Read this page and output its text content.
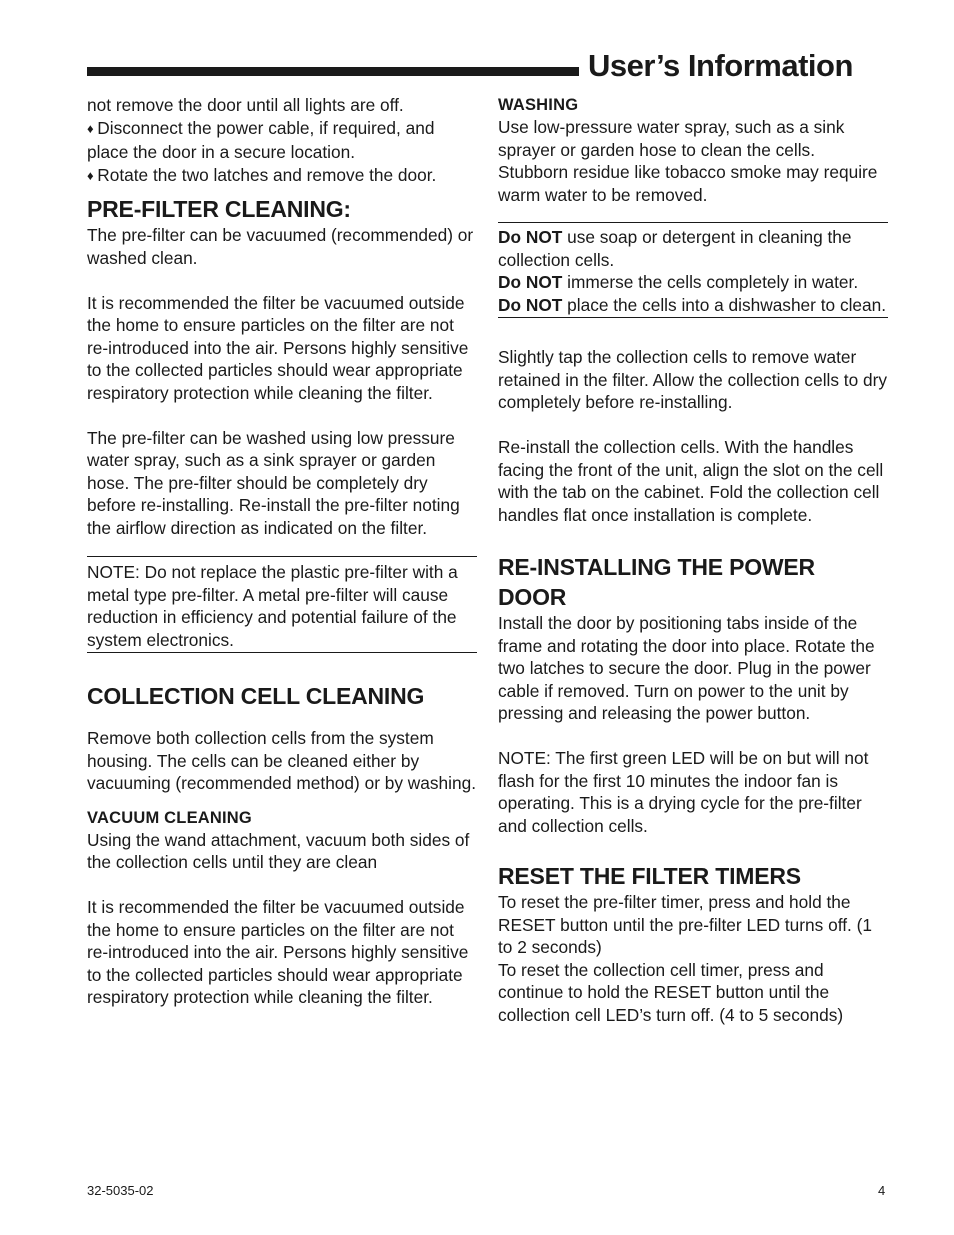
User’s Information

not remove the door until all lights are off.

♦ Disconnect the power cable, if required, and place the door in a secure location.

♦ Rotate the two latches and remove the door.

PRE-FILTER CLEANING:

The pre-filter can be vacuumed (recommended) or washed clean.

It is recommended the filter be vacuumed outside the home to ensure particles on the filter are not re-introduced into the air. Persons highly sensitive to the collected particles should wear appropriate respiratory protection while cleaning the filter.

The pre-filter can be washed using low pressure water spray, such as a sink sprayer or garden hose. The pre-filter should be completely dry before re-installing. Re-install the pre-filter noting the airflow direction as indicated on the filter.

NOTE: Do not replace the plastic pre-filter with a metal type pre-filter. A metal pre-filter will cause reduction in efficiency and potential failure of the system electronics.

COLLECTION CELL CLEANING

Remove both collection cells from the system housing. The cells can be cleaned either by vacuuming (recommended method) or by washing.

VACUUM CLEANING

Using the wand attachment, vacuum both sides of the collection cells until they are clean

It is recommended the filter be vacuumed outside the home to ensure particles on the filter are not re-introduced into the air. Persons highly sensitive to the collected particles should wear appropriate respiratory protection while cleaning the filter.

WASHING

Use low-pressure water spray, such as a sink sprayer or garden hose to clean the cells. Stubborn residue like tobacco smoke may require warm water to be removed.

Do NOT use soap or detergent in cleaning the collection cells.

Do NOT immerse the cells completely in water.

Do NOT place the cells into a dishwasher to clean.

Slightly tap the collection cells to remove water retained in the filter. Allow the collection cells to dry completely before re-installing.

Re-install the collection cells. With the handles facing the front of the unit, align the slot on the cell with the tab on the cabinet. Fold the collection cell handles flat once installation is complete.

RE-INSTALLING THE POWER DOOR

Install the door by positioning tabs inside of the frame and rotating the door into place. Rotate the two latches to secure the door. Plug in the power cable if removed. Turn on power to the unit by pressing and releasing the power button.

NOTE: The first green LED will be on but will not flash for the first 10 minutes the indoor fan is operating. This is a drying cycle for the pre-filter and collection cells.

RESET THE FILTER TIMERS

To reset the pre-filter timer, press and hold the RESET button until the pre-filter LED turns off. (1 to 2 seconds)

To reset the collection cell timer, press and continue to hold the RESET button until the collection cell LED’s turn off. (4 to 5 seconds)

32-5035-02	4
